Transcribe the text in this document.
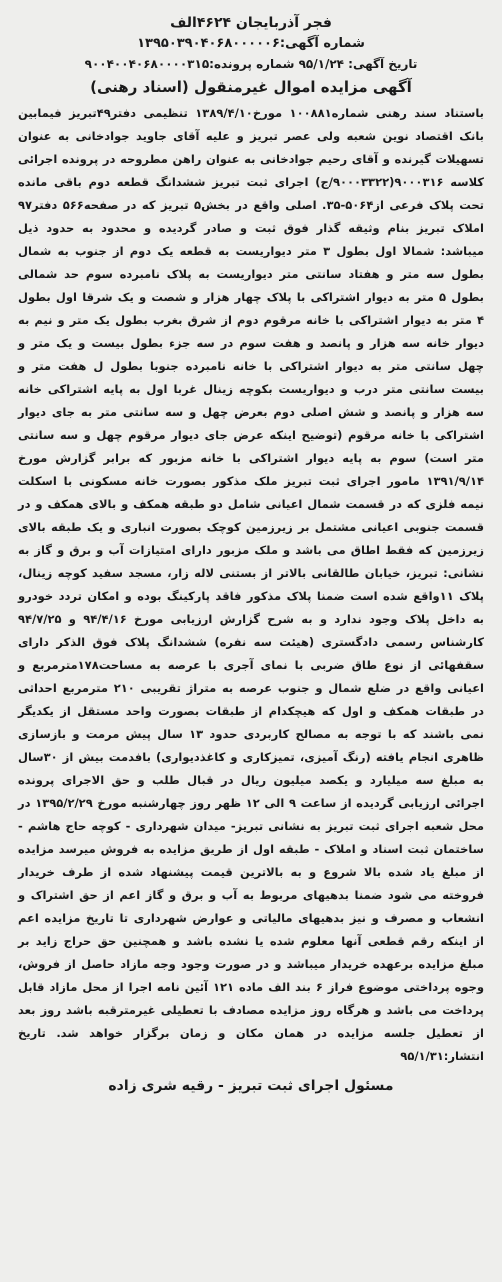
فجر آذربایجان ۴۶۲۴الف
شماره آگهی:۱۳۹۵۰۳۹۰۴۰۶۸۰۰۰۰۰۶
تاریخ آگهی: ۹۵/۱/۲۴ شماره پرونده:۹۰۰۴۰۰۴۰۶۸۰۰۰۰۳۱۵
آگهی مزایده اموال غیرمنقول (اسناد رهنی)
باستناد سند رهنی شماره۱۰۰۸۸۱ مورخ۱۳۸۹/۴/۱۰ تنظیمی دفتر۴۹تبریز فیمابین بانک اقتصاد نوین شعبه ولی عصر تبریز و علیه آقای جاوید جوادخانی به عنوان تسهیلات گیرنده و آقای رحیم جوادخانی به عنوان راهن مطروحه در پرونده اجرائی کلاسه ۹۰۰۰۳۱۶(۹۰۰۰۳۳۲۲/ج) اجرای ثبت تبریز ششدانگ قطعه دوم باقی مانده تحت پلاک فرعی از۵۰۶۴-۳۵. اصلی واقع در بخش۵ تبریز که در صفحه۵۶۶ دفتر۹۷ املاک تبریز بنام وثیقه گذار فوق ثبت و صادر گردیده و محدود به حدود ذیل میباشد: شمالا اول بطول ۳ متر دیواریست به قطعه یک دوم از جنوب به شمال بطول سه متر و هفتاد سانتی متر دیواریست به پلاک نامبرده سوم حد شمالی بطول ۵ متر به دیوار اشتراکی با پلاک چهار هزار و شصت و یک شرقا اول بطول ۴ متر به دیوار اشتراکی با خانه مرقوم دوم از شرق بغرب بطول یک متر و نیم به دیوار خانه سه هزار و پانصد و هفت سوم در سه جزء بطول بیست و یک متر و چهل سانتی متر به دیوار اشتراکی با خانه نامبرده جنوبا بطول ل هفت متر و بیست سانتی متر درب و دیواریست بکوچه زینال غربا اول به پایه اشتراکی خانه سه هزار و پانصد و شش اصلی دوم بعرض چهل و سه سانتی متر به جای دیوار اشتراکی با خانه مرقوم (توضیح اینکه عرض جای دیوار مرقوم چهل و سه سانتی متر است) سوم به پایه دیوار اشتراکی با خانه مزبور که برابر گزارش مورخ ۱۳۹۱/۹/۱۴ مامور اجرای ثبت تبریز ملک مذکور بصورت خانه مسکونی با اسکلت نیمه فلزی که در قسمت شمال اعیانی شامل دو طبقه همکف و بالای همکف و در قسمت جنوبی اعیانی مشتمل بر زیرزمین کوچک بصورت انباری و یک طبقه بالای زیرزمین که فقط اطاق می باشد و ملک مزبور دارای امتیازات آب و برق و گاز به نشانی: تبریز، خیابان طالقانی بالاتر از بستنی لاله زار، مسجد سفید کوچه زینال، پلاک ۱۱واقع شده است ضمنا پلاک مذکور فاقد پارکینگ بوده و امکان تردد خودرو به داخل پلاک وجود ندارد و به شرح گزارش ارزیابی مورخ ۹۴/۴/۱۶ و ۹۴/۷/۲۵ کارشناس رسمی دادگستری (هیئت سه نفره) ششدانگ پلاک فوق الذکر دارای سقفهائی از نوع طاق ضربی با نمای آجری با عرصه به مساحت۱۷۸مترمربع و اعیانی واقع در ضلع شمال و جنوب عرصه به متراژ تقریبی ۲۱۰ مترمربع احداثی در طبقات همکف و اول که هیچکدام از طبقات بصورت واحد مستقل از یکدیگر نمی باشند که با توجه به مصالح کاربردی حدود ۱۳ سال پیش مرمت و بازسازی ظاهری انجام یافته (رنگ آمیزی، تمیزکاری و کاغذدیواری) بافدمت بیش از ۳۰سال به مبلغ سه میلیارد و یکصد میلیون ریال در قبال طلب و حق الاجرای پرونده اجرائی ارزیابی گردیده از ساعت ۹ الی ۱۲ ظهر روز چهارشنبه مورخ ۱۳۹۵/۲/۲۹ در محل شعبه اجرای ثبت تبریز به نشانی تبریز- میدان شهرداری - کوچه حاج هاشم - ساختمان ثبت اسناد و املاک - طبقه اول از طریق مزایده به فروش میرسد مزایده از مبلغ یاد شده بالا شروع و به بالاترین قیمت پیشنهاد شده از طرف خریدار فروخته می شود ضمنا بدهیهای مربوط به آب و برق و گاز اعم از حق اشتراک و انشعاب و مصرف و نیز بدهیهای مالیاتی و عوارض شهرداری تا تاریخ مزایده اعم از اینکه رقم قطعی آنها معلوم شده یا نشده باشد و همچنین حق حراج زاید بر مبلغ مزایده برعهده خریدار میباشد و در صورت وجود وجه مازاد حاصل از فروش، وجوه پرداختی موضوع فراز ۶ بند الف ماده ۱۲۱ آئین نامه اجرا از محل مازاد قابل پرداخت می باشد و هرگاه روز مزایده مصادف با تعطیلی غیرمترقبه باشد روز بعد از تعطیل جلسه مزایده در همان مکان و زمان برگزار خواهد شد. تاریخ انتشار:۹۵/۱/۳۱
مسئول اجرای ثبت تبریز - رقیه شری زاده
